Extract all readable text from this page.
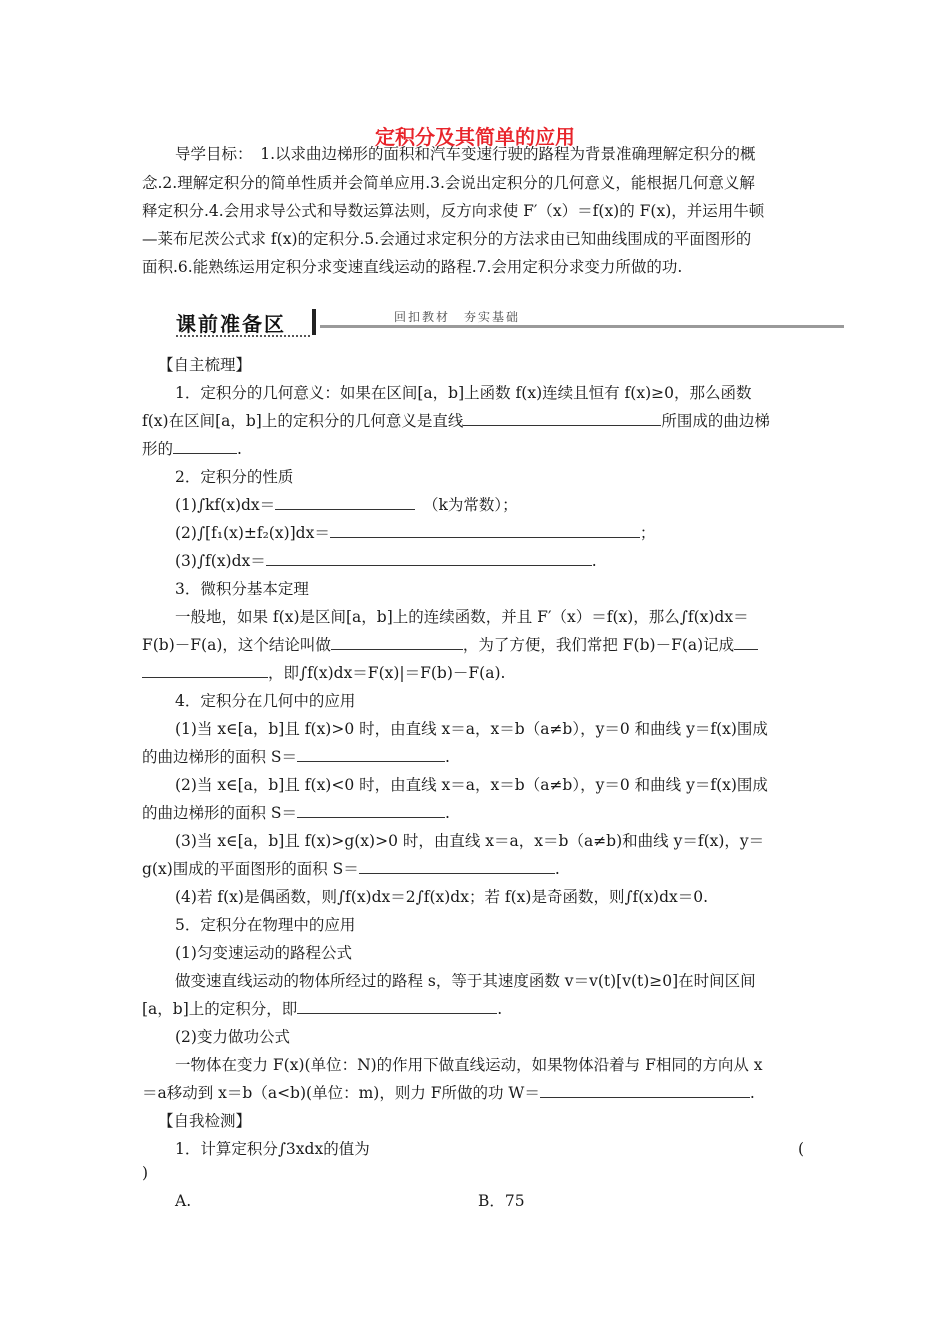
定积分及其简单的应用
导学目标：　1.以求曲边梯形的面积和汽车变速行驶的路程为背景准确理解定积分的概
念.2.理解定积分的简单性质并会简单应用.3.会说出定积分的几何意义，能根据几何意义解
释定积分.4.会用求导公式和导数运算法则，反方向求使 F′（x）＝f(x)的 F(x)，并运用牛顿
—莱布尼茨公式求 f(x)的定积分.5.会通过求定积分的方法求由已知曲线围成的平面图形的
面积.6.能熟练运用定积分求变速直线运动的路程.7.会用定积分求变力所做的功.
课前准备区	回扣教材　夯实基础
【自主梳理】
1．定积分的几何意义：如果在区间[a，b]上函数 f(x)连续且恒有 f(x)≥0，那么函数
f(x)在区间[a，b]上的定积分的几何意义是直线	所围成的曲边梯
形的	.
2．定积分的性质
(1)∫kf(x)dx＝　	（k为常数）；
(2)∫[f₁(x)±f₂(x)]dx＝	；
(3)∫f(x)dx＝	.
3．微积分基本定理
一般地，如果 f(x)是区间[a，b]上的连续函数，并且 F′（x）＝f(x)，那么∫f(x)dx＝
F(b)－F(a)，这个结论叫做	，为了方便，我们常把 F(b)－F(a)记成
，即∫f(x)dx＝F(x)|＝F(b)－F(a).
4．定积分在几何中的应用
(1)当 x∈[a，b]且 f(x)>0 时，由直线 x＝a，x＝b（a≠b），y＝0 和曲线 y＝f(x)围成
的曲边梯形的面积 S＝	.
(2)当 x∈[a，b]且 f(x)<0 时，由直线 x＝a，x＝b（a≠b），y＝0 和曲线 y＝f(x)围成
的曲边梯形的面积 S＝	.
(3)当 x∈[a，b]且 f(x)>g(x)>0 时，由直线 x＝a，x＝b（a≠b)和曲线 y＝f(x)，y＝
g(x)围成的平面图形的面积 S＝	.
(4)若 f(x)是偶函数，则∫f(x)dx＝2∫f(x)dx；若 f(x)是奇函数，则∫f(x)dx＝0.
5．定积分在物理中的应用
(1)匀变速运动的路程公式
做变速直线运动的物体所经过的路程 s，等于其速度函数 v＝v(t)[v(t)≥0]在时间区间
[a，b]上的定积分，即	.
(2)变力做功公式
一物体在变力 F(x)(单位：N)的作用下做直线运动，如果物体沿着与 F相同的方向从 x
＝a移动到 x＝b（a<b)(单位：m)，则力 F所做的功 W＝	.
【自我检测】
1．计算定积分∫3xdx的值为	(
)
A.	B．75
